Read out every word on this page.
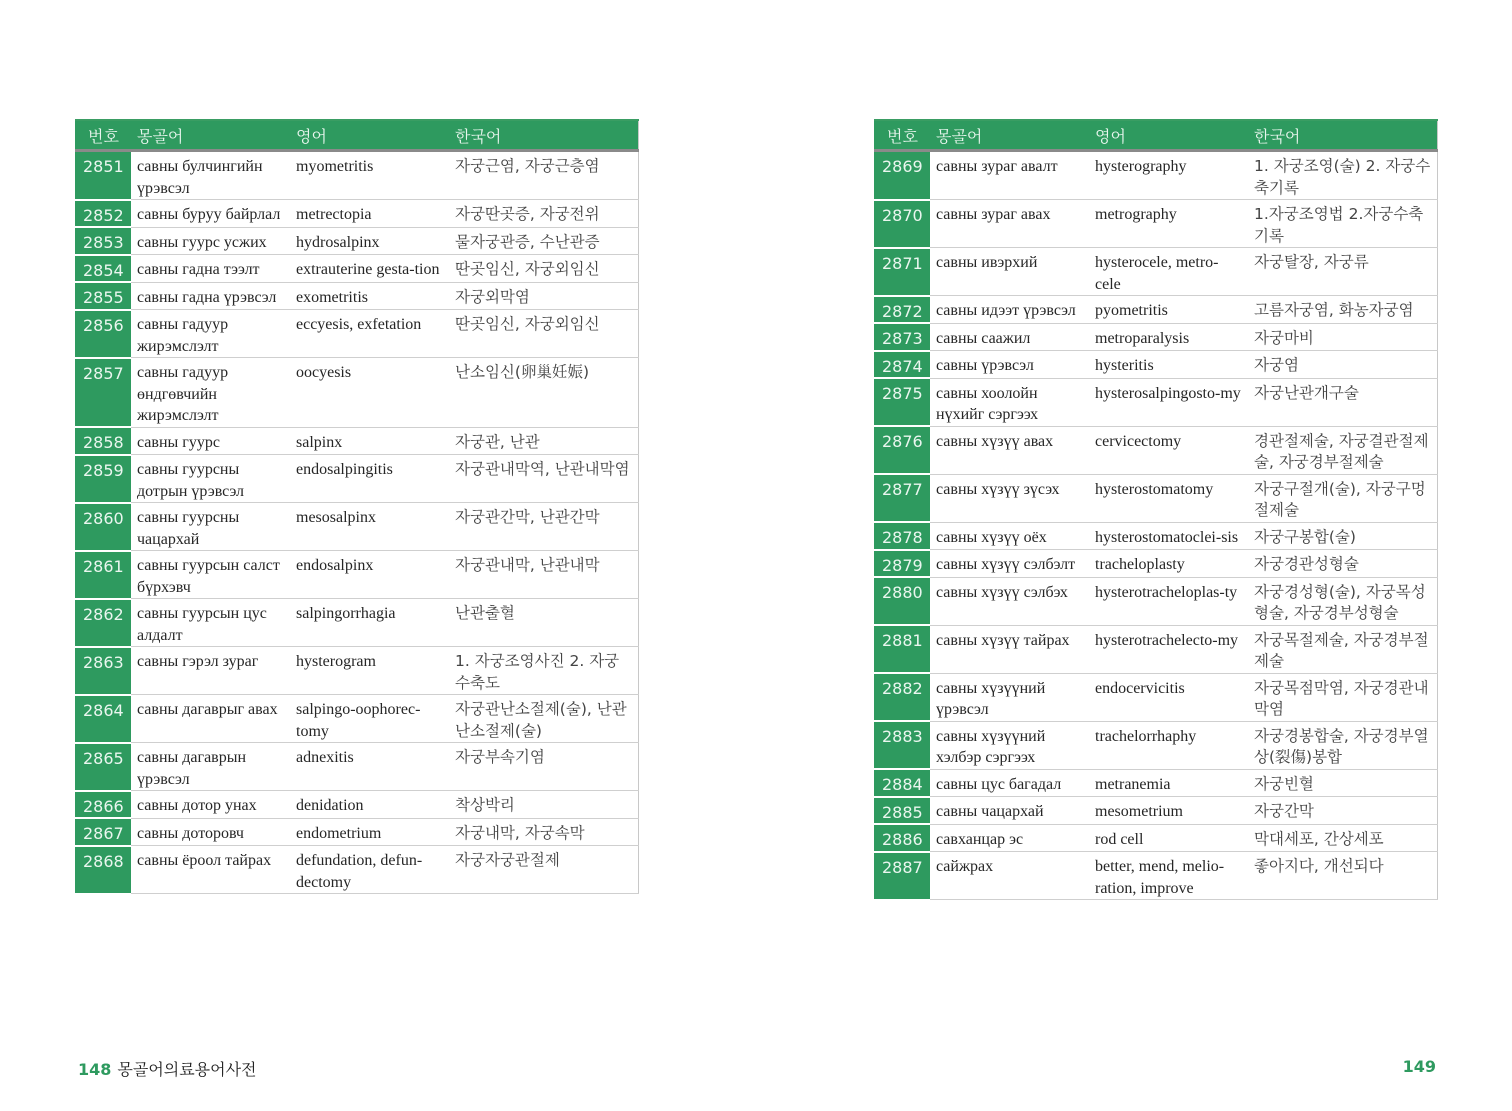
번호	몽골어	영어	한국어
2851	савны булчингийн үрэвсэл	myometritis	자궁근염, 자궁근층염
2852	савны буруу байрлал	metrectopia	자궁딴곳증, 자궁전위
2853	савны гуурс усжих	hydrosalpinx	물자궁관증, 수난관증
2854	савны гадна тээлт	extrauterine gesta-tion	딴곳임신, 자궁외임신
2855	савны гадна үрэвсэл	exometritis	자궁외막염
2856	савны гадуур жирэмслэлт	eccyesis, exfetation	딴곳임신, 자궁외임신
2857	савны гадуур өндгөвчийн жирэмслэлт	oocyesis	난소임신(卵巢妊娠)
2858	савны гуурс	salpinx	자궁관, 난관
2859	савны гуурсны дотрын үрэвсэл	endosalpingitis	자궁관내막역, 난관내막염
2860	савны гуурсны чацархай	mesosalpinx	자궁관간막, 난관간막
2861	савны гуурсын салст бүрхэвч	endosalpinx	자궁관내막, 난관내막
2862	савны гуурсын цус алдалт	salpingorrhagia	난관출혈
2863	савны гэрэл зураг	hysterogram	1. 자궁조영사진 2. 자궁수축도
2864	савны дагаврыг авах	salpingo-oophorec-tomy	자궁관난소절제(술), 난관난소절제(술)
2865	савны дагаврын үрэвсэл	adnexitis	자궁부속기염
2866	савны дотор унах	denidation	착상박리
2867	савны доторовч	endometrium	자궁내막, 자궁속막
2868	савны ёроол тайрах	defundation, defun-dectomy	자궁자궁관절제
번호	몽골어	영어	한국어
2869	савны зураг авалт	hysterography	1. 자궁조영(술) 2. 자궁수축기록
2870	савны зураг авах	metrography	1.자궁조영법 2.자궁수축기록
2871	савны ивэрхий	hysterocele, metro-cele	자궁탈장, 자궁류
2872	савны идээт үрэвсэл	pyometritis	고름자궁염, 화농자궁염
2873	савны саажил	metroparalysis	자궁마비
2874	савны үрэвсэл	hysteritis	자궁염
2875	савны хоолойн нүхийг сэргээх	hysterosalpingosto-my	자궁난관개구술
2876	савны хүзүү авах	cervicectomy	경관절제술, 자궁결관절제술, 자궁경부절제술
2877	савны хүзүү зүсэх	hysterostomatomy	자궁구절개(술), 자궁구멍절제술
2878	савны хүзүү оёх	hysterostomatoclei-sis	자궁구봉합(술)
2879	савны хүзүү сэлбэлт	tracheloplasty	자궁경관성형술
2880	савны хүзүү сэлбэх	hysterotracheloplas-ty	자궁경성형(술), 자궁목성형술, 자궁경부성형술
2881	савны хүзүү тайрах	hysterotrachelecto-my	자궁목절제술, 자궁경부절제술
2882	савны хүзүүний үрэвсэл	endocervicitis	자궁목점막염, 자궁경관내막염
2883	савны хүзүүний хэлбэр сэргээх	trachelorrhaphy	자궁경봉합술, 자궁경부열상(裂傷)봉합
2884	савны цус багадал	metranemia	자궁빈혈
2885	савны чацархай	mesometrium	자궁간막
2886	савханцар эс	rod cell	막대세포, 간상세포
2887	сайжрах	better, mend, melio-ration, improve	좋아지다, 개선되다
148 몽골어의료용어사전	149
